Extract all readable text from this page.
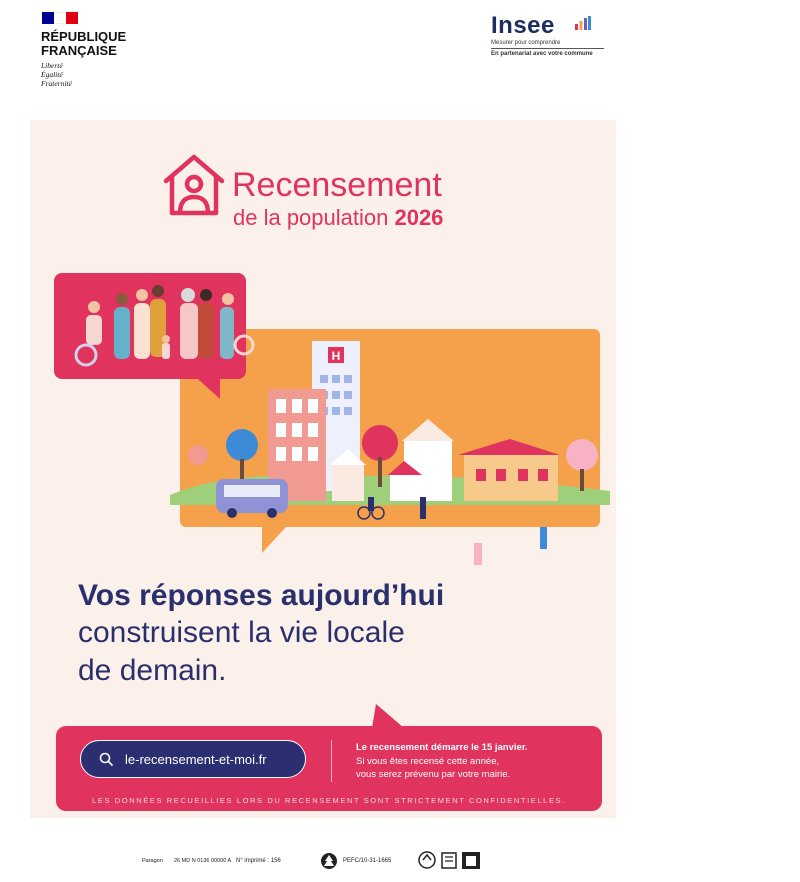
RÉPUBLIQUE
FRANÇAISE
Liberté
Égalité
Fraternité
Insee
Mesurer pour comprendre
En partenariat avec votre commune
Recensement
de la population 2026
H
Vos réponses aujourd’hui
construisent la vie locale
de demain.
le-recensement-et-moi.fr
Le recensement démarre le 15 janvier.
Si vous êtes recensé cette année,
vous serez prévenu par votre mairie.
LES DONNÉES RECUEILLIES LORS DU RECENSEMENT SONT STRICTEMENT CONFIDENTIELLES.
Paragon 26 MD N 0136 00000 A N° imprimé : 156	PEFC/10-31-1665
